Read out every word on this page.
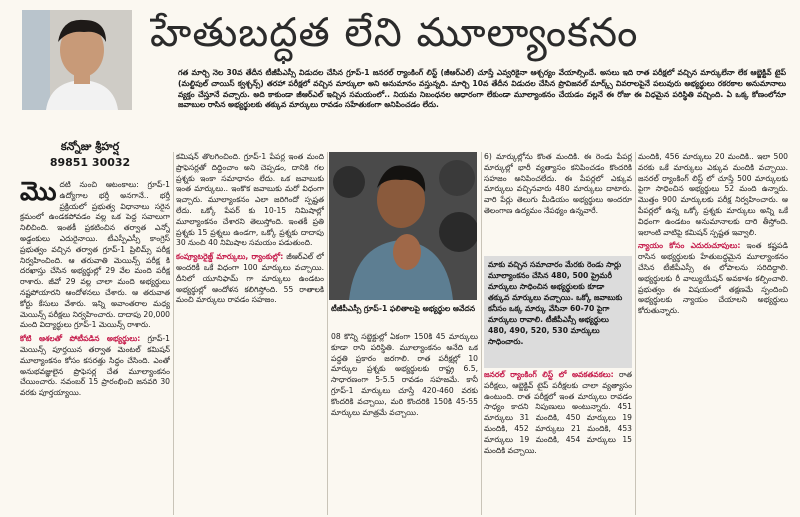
హేతుబద్ధత లేని మూల్యాంకనం
కన్నోజు శ్రీహర్ష
89851 30032
గత మార్చి నెల 30వ తేదీన టీజీపీఎస్సీ విడుదల చేసిన గ్రూప్-1 జనరల్ ర్యాంకింగ్ లిస్ట్ (జీఆర్ఎల్) చూస్తే ఎవ్వరికైనా ఆశ్చర్యం వేయాల్సిందే. అసలు ఇది రాత పరీక్షలో వచ్చిన మార్కులేనా లేక ఆబ్జెక్టివ్ టైప్ (మల్టిపుల్ చాయిస్ క్వశ్చన్స్) తరహా పరీక్షలో వచ్చిన మార్కులా అని అనుమానం వస్తున్నది. మార్చి 10వ తేదీన విడుదల చేసిన ప్రొవిజనల్ మార్క్స్ వివరాలపైనే పలువురు అభ్యర్థులు రకరకాల అనుమానాలు వ్యక్తం చేస్తూనే వచ్చారు. అది కాకుండా జీఆర్ఎల్ ఇచ్చిన సమయంలో.. నియమ నిబంధనల ఆధారంగా లేకుండా మూల్యాంకనం చేయడం వల్లనే ఈ రోజు ఈ విధమైన పరిస్థితి వచ్చింది. ఏ ఒక్క కోణంలోనూ జవాబుల రాసిన అభ్యర్థులకు తక్కువ మార్కులు రావడం సహేతుకంగా అనిపించడం లేదు.

మొదటి నుంచి ఆటంకాలు: గ్రూప్-1 ఉద్యోగాల భర్తీ అనగానే.. భర్తీ ప్రక్రియలో ప్రభుత్వ విధానాలు సరైన క్రమంలో ఉండకపోవడం వల్ల ఒక పెద్ద సవాలుగా నిలిచింది. ఇంతకీ ప్రకటించిన తర్వాత ఎన్నో అడ్డంకులు ఎదురైనాయి. టీఎస్పీఎస్సీ కాంగ్రెస్ ప్రభుత్వం వచ్చిన తర్వాత గ్రూప్-1 ప్రిలిమ్స్ పరీక్ష నిర్వహించింది. ఆ తరువాతి మెయిన్స్ పరీక్ష కి దరఖాస్తు చేసిన అభ్యర్థుల్లో 29 వేల మంది పరీక్ష రాశారు. జీవో 29 వల్ల చాలా మంది అభ్యర్థులు నష్టపోయారని ఆందోళనలు చేశారు. ఆ తరువాత కోర్టు కేసులు వేశారు. ఇన్ని అవాంతరాల మధ్య మెయిన్స్ పరీక్షలు నిర్వహించారు. దాదాపు 20,000 మంది విద్యార్థులు గ్రూప్-1 మెయిన్స్ రాశారు.

కోటి ఆశలతో పోటీపడిన అభ్యర్థులు: గ్రూప్-1 మెయిన్స్ పూర్తయిన తర్వాత మెంటల్ కమిషన్ మూల్యాంకనం కోసం కసరత్తు సిద్ధం చేసింది. ఎంతో అనుభవజ్ఞులైన ప్రొఫెసర్ల చేత మూల్యాంకనం చేయించారు. నవంబర్ 15 ప్రారంభించి జనవరి 30 వరకు పూర్తయ్యాయి.

కమిషన్ తొలగించింది. గ్రూప్-1 పేపర్ల ఇంత మంది ప్రొఫెసర్లతో దిద్దించాం అని చెప్పడం, దానికి గల ప్రశ్నకు ఇంకా సమాధానం లేదు. ఒక జవాబుకు ఇంత మార్కులు.. ఇంకొక జవాబుకు మరో విధంగా ఇచ్చారు. మూల్యాంకనం ఎలా జరిగిందో స్పష్టత లేదు. ఒక్కో పేపర్ కు 10-15 నిమిషాల్లో మూల్యాంకనం చేశారని తెలుస్తోంది. ఇంతకీ ప్రతి ప్రశ్నకు 15 ప్రశ్నలు ఉండగా, ఒక్కో ప్రశ్నకు దాదాపు 30 నుంచి 40 నిమిషాల సమయం పడుతుంది.

కంప్యూటరైజ్డ్ మార్కులు, ర్యాంకుల్లో: జీఆర్ఎల్ లో అందరికీ ఒకే విధంగా 100 మార్కులు వచ్చాయి. దీనిలో యూనిఫామ్ గా మార్కులు ఉండటం అభ్యర్థుల్లో ఆందోళన కలిగిస్తోంది. 55 రాతాలకి మంచి మార్కులు రావడం సహజం.

టీజీపీఎస్సీ గ్రూప్-1 ఫలితాలపై అభ్యర్థుల ఆవేదన

08 కొన్ని సబ్జెక్టుల్లో ఏకంగా 150కి 45 మార్కులు కూడా రాని పరిస్థితి. మూల్యాంకనం అనేది ఒక పద్ధతి ప్రకారం జరగాలి. రాత పరీక్షల్లో 10 మార్కుల ప్రశ్నకు అభ్యర్థులకు రాష్ట్ర 6.5, సాధారణంగా 5-5.5 రావడం సహజమే. కానీ గ్రూప్-1 మార్కులు చూస్తే 420-460 వరకు కొందరికి వచ్చాయి, మరి కొందరికి 150కి 45-55 మార్కులు మాత్రమే వచ్చాయి.

6) మార్కుల్లోను కొంత మందికి. ఈ రెండు పేపర్ల మార్కుల్లో భారీ వ్యత్యాసం కనిపించడం కొందరికి సహజం అనిపించలేదు. ఈ పేపర్లలో ఎక్కువ మార్కులు వచ్చినవారు 480 మార్కులు దాటారు. వారి పేర్లు తెలుగు మీడియం అభ్యర్థులు అందరూ తెలంగాణ ఉద్యమం నేపథ్యం ఉన్నవారే.

మాకు వచ్చిన సమాచారం మేరకు రెండు సార్లు మూల్యాంకనం చేసిన 480, 500 ప్రైమరీ మార్కులు సాధించిన అభ్యర్థులకు కూడా తక్కువ మార్కులు వచ్చాయి. ఒక్కో జవాబుకు కనీసం ఒక్క మార్కు వేసినా 60-70 పైగా మార్కులు రావాలి. టీజీపీఎస్సీ అభ్యర్థులు 480, 490, 520, 530 మార్కులు సాధించారు.

జనరల్ ర్యాంకింగ్ లిస్ట్ లో అవకతవకలు: రాత పరీక్షలు, ఆబ్జెక్టివ్ టైప్ పరీక్షలకు చాలా వ్యత్యాసం ఉంటుంది. రాత పరీక్షలో ఇంత మార్కులు రావడం సాధ్యం కాదని నిపుణులు అంటున్నారు. 451 మార్కులు 31 మందికి, 450 మార్కులు 19 మందికి, 452 మార్కులు 21 మందికి, 453 మార్కులు 19 మందికి, 454 మార్కులు 15 మందికి వచ్చాయి.

మందికి, 456 మార్కులు 20 మందికి.. ఇలా 500 వరకు ఒకే మార్కులు ఎక్కువ మందికి వచ్చాయి. జనరల్ ర్యాంకింగ్ లిస్ట్ లో చూస్తే 500 మార్కులకు పైగా సాధించిన అభ్యర్థులు 52 మంది ఉన్నారు. మొత్తం 900 మార్కులకు పరీక్ష నిర్వహించారు. ఆ పేపర్లలో ఉన్న ఒక్కో ప్రశ్నకు మార్కులు అన్ని ఒకే విధంగా ఉండటం అనుమానాలకు దారి తీస్తోంది. ఇలాంటి వాటిపై కమిషన్ స్పష్టత ఇవ్వాలి.

న్యాయం కోసం ఎదురుచూపులు: ఇంత కష్టపడి రాసిన అభ్యర్థులకు హేతుబద్ధమైన మూల్యాంకనం చేసిన టీజీపీఎస్సీ ఈ లోపాలను సరిదిద్దాలి. అభ్యర్థులకు రీ వాల్యుయేషన్ అవకాశం కల్పించాలి. ప్రభుత్వం ఈ విషయంలో తక్షణమే స్పందించి అభ్యర్థులకు న్యాయం చేయాలని అభ్యర్థులు కోరుతున్నారు.
